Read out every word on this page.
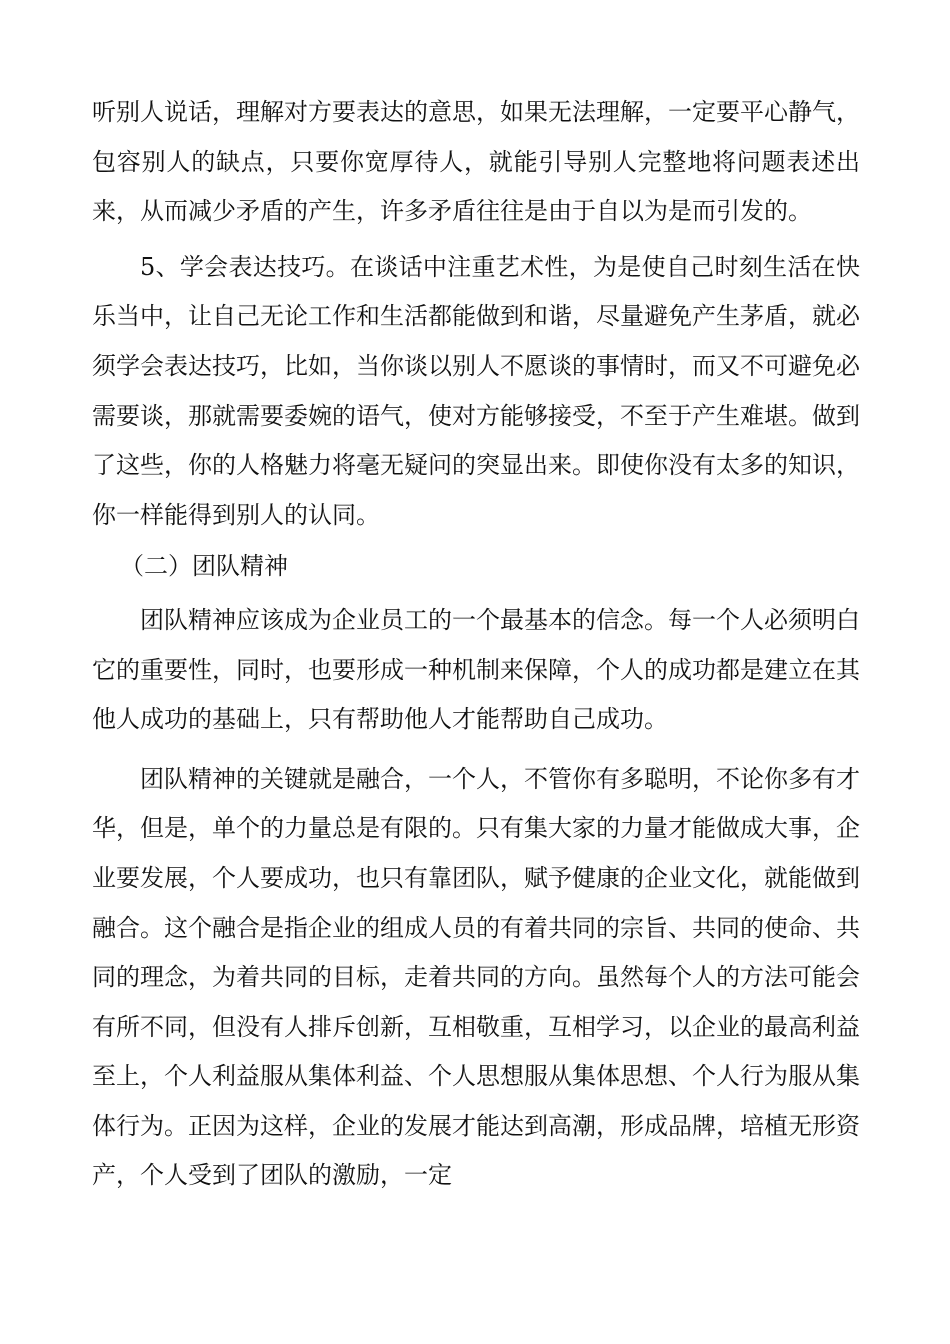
听别人说话，理解对方要表达的意思，如果无法理解，一定要平心静气，包容别人的缺点，只要你宽厚待人，就能引导别人完整地将问题表述出来，从而减少矛盾的产生，许多矛盾往往是由于自以为是而引发的。

5、学会表达技巧。在谈话中注重艺术性，为是使自己时刻生活在快乐当中，让自己无论工作和生活都能做到和谐，尽量避免产生茅盾，就必须学会表达技巧，比如，当你谈以别人不愿谈的事情时，而又不可避免必需要谈，那就需要委婉的语气，使对方能够接受，不至于产生难堪。做到了这些，你的人格魅力将毫无疑问的突显出来。即使你没有太多的知识，你一样能得到别人的认同。

（二）团队精神

团队精神应该成为企业员工的一个最基本的信念。每一个人必须明白它的重要性，同时，也要形成一种机制来保障，个人的成功都是建立在其他人成功的基础上，只有帮助他人才能帮助自己成功。

团队精神的关键就是融合，一个人，不管你有多聪明，不论你多有才华，但是，单个的力量总是有限的。只有集大家的力量才能做成大事，企业要发展，个人要成功，也只有靠团队，赋予健康的企业文化，就能做到融合。这个融合是指企业的组成人员的有着共同的宗旨、共同的使命、共同的理念，为着共同的目标，走着共同的方向。虽然每个人的方法可能会有所不同，但没有人排斥创新，互相敬重，互相学习，以企业的最高利益至上，个人利益服从集体利益、个人思想服从集体思想、个人行为服从集体行为。正因为这样，企业的发展才能达到高潮，形成品牌，培植无形资产，个人受到了团队的激励，一定
